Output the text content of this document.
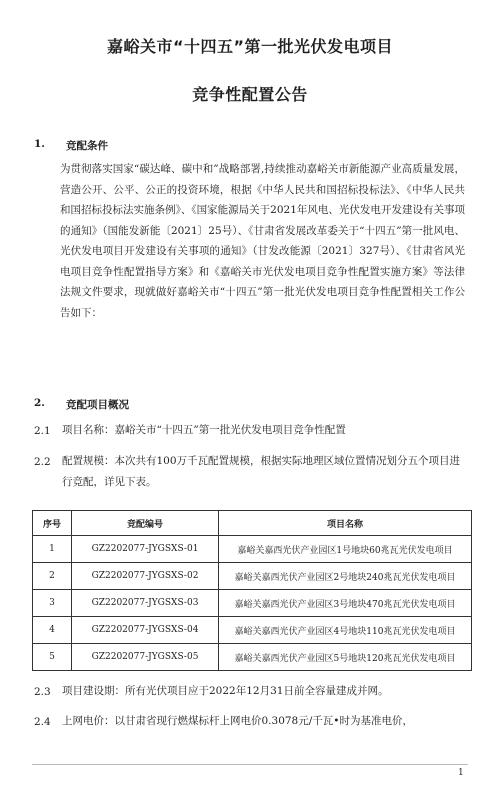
嘉峪关市“十四五”第一批光伏发电项目
竞争性配置公告
1. 竞配条件

为贯彻落实国家“碳达峰、碳中和”战略部署,持续推动嘉峪关市新能源产业高质量发展，营造公开、公平、公正的投资环境，根据《中华人民共和国招标投标法》、《中华人民共和国招标投标法实施条例》、《国家能源局关于2021年风电、光伏发电开发建设有关事项的通知》（国能发新能〔2021〕25号）、《甘肃省发展改革委关于“十四五”第一批风电、光伏发电项目开发建设有关事项的通知》（甘发改能源〔2021〕327号）、《甘肃省风光电项目竞争性配置指导方案》和《嘉峪关市光伏发电项目竞争性配置实施方案》等法律法规文件要求，现就做好嘉峪关市“十四五”第一批光伏发电项目竞争性配置相关工作公告如下：

2. 竞配项目概况
2.1 项目名称：嘉峪关市“十四五”第一批光伏发电项目竞争性配置

2.2 配置规模：本次共有100万千瓦配置规模，根据实际地理区域位置情况划分五个项目进行竞配，详见下表。

序号	竞配编号	项目名称
1	GZ2202077-JYGSXS-01	嘉峪关嘉西光伏产业园区1号地块60兆瓦光伏发电项目
2	GZ2202077-JYGSXS-02	嘉峪关嘉西光伏产业园区2号地块240兆瓦光伏发电项目
3	GZ2202077-JYGSXS-03	嘉峪关嘉西光伏产业园区3号地块470兆瓦光伏发电项目
4	GZ2202077-JYGSXS-04	嘉峪关嘉西光伏产业园区4号地块110兆瓦光伏发电项目
5	GZ2202077-JYGSXS-05	嘉峪关嘉西光伏产业园区5号地块120兆瓦光伏发电项目
2.3 项目建设期：所有光伏项目应于2022年12月31日前全容量建成并网。

2.4 上网电价：以甘肃省现行燃煤标杆上网电价0.3078元/千瓦•时为基准电价，

1
